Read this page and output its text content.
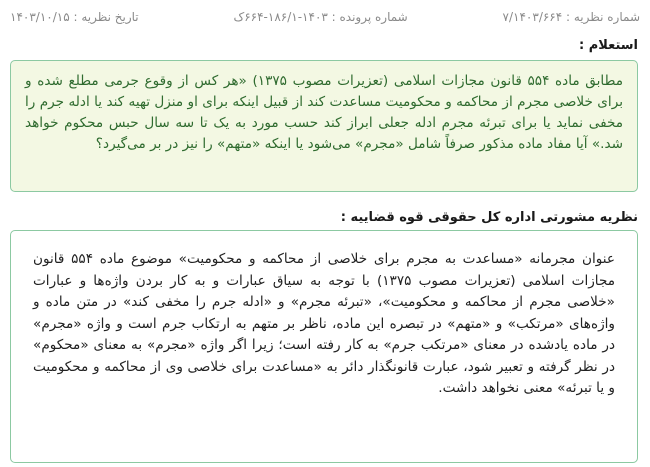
شماره نظریه : ۷/۱۴۰۳/۶۶۴
شماره پرونده : ۱۴۰۳-۱۸۶/۱-۶۶۴ک
تاریخ نظریه : ۱۴۰۳/۱۰/۱۵
استعلام :
مطابق ماده ۵۵۴ قانون مجازات اسلامی (تعزیرات مصوب ۱۳۷۵) «هر کس از وقوع جرمی مطلع شده و برای خلاصی مجرم از محاکمه و محکومیت مساعدت کند از قبیل اینکه برای او منزل تهیه کند یا ادله جرم را مخفی نماید یا برای تبرئه مجرم ادله جعلی ابراز کند حسب مورد به یک تا سه سال حبس محکوم خواهد شد.» آیا مفاد ماده مذکور صرفاً شامل «مجرم» می‌شود یا اینکه «متهم» را نیز در بر می‌گیرد؟
نظریه مشورتی اداره کل حقوقی قوه قضاییه :
عنوان مجرمانه «مساعدت به مجرم برای خلاصی از محاکمه و محکومیت» موضوع ماده ۵۵۴ قانون مجازات اسلامی (تعزیرات مصوب ۱۳۷۵) با توجه به سیاق عبارات و به کار بردن واژه‌ها و عبارات «خلاصی مجرم از محاکمه و محکومیت»، «تبرئه مجرم» و «ادله جرم را مخفی کند» در متن ماده و واژه‌های «مرتکب» و «متهم» در تبصره این ماده، ناظر بر متهم به ارتکاب جرم است و واژه «مجرم» در ماده یادشده در معنای «مرتکب جرم» به کار رفته است؛ زیرا اگر واژه «مجرم» به معنای «محکوم» در نظر گرفته و تعبیر شود، عبارت قانونگذار دائر به «مساعدت برای خلاصی وی از محاکمه و محکومیت و یا تبرئه» معنی نخواهد داشت.
